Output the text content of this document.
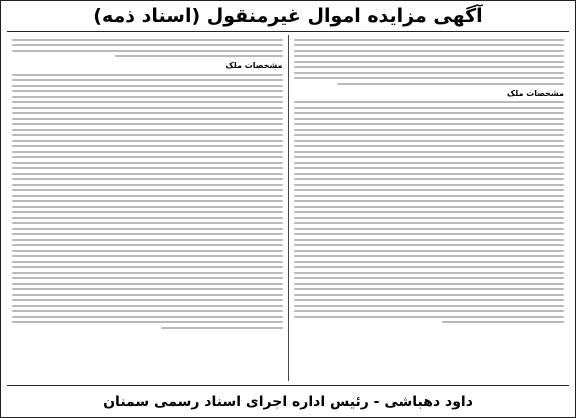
آگهی مزایده اموال غیرمنقول (اسناد ذمه)
مشخصات ملک
مشخصات ملک
داود دهباشی - رئیس اداره اجرای اسناد رسمی سمنان
